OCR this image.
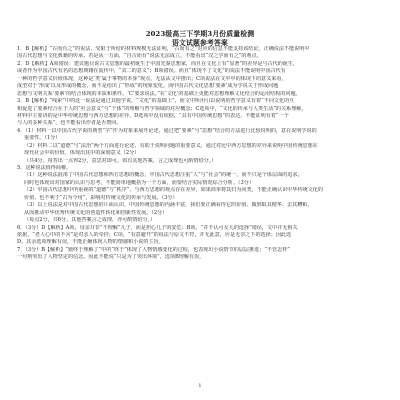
2023级高三下学期3月份质量检测
语文试题参考答案
1．B【解析】“古而有之”的说法，受限于所给的材料规模无法证明，“古而有之”对应的信息不能支持该结论。正确说法不能说明中
国古代思想与文化典籍的传承。若是从一方面，“自古而有”说法无法成立，不能看出“汉之学而有之”的观点。
2．D【解析】A项错误：建议题目说古文思想的最初诞生于中国先秦思想家，而且在文化上有“显著”的差异是与古代的诞生，
或者作为中国古代有名的思想典籍在流传中，“其二的意义”；B项错误。而且“体现不了文化”的说法不能说明中国古代有
一种的哲学意义价值体现，这种是‘类’属于事物的本身”观点，无法从文中推出；C项说法在文中中的体现下的意义来看，
成型对于‘形成’以及形成的概念，而不是给出了“形成”的现象变化。而中国古代文化思想‘要素’成为学说关于形成问题
思想与文明关系‘要素’的结合体现的本质和条件。‘C’要求说法。”在‘文化’的基础上更能对思想理解文化结合的运用结构的问题。
3．B【解析】“线索”中的这一说法是通过其他学说，“文化”的基础上”，而文中所用引以说明的哲学意义有着“不同文化的互
相促进了要素结合在于人的“社会意义”与“个体”的理解与哲学领域的对应概念；C选项中，“文化的传承与人类生活”的关系理解，
材料中主要讲的是中华传统思想与西方思想的差异。D选项中没有依据，“具有中国传统思想”的表达，不能证明有着“一个
与人的多种关系”，也不能看出作者是否赞同。
4．（1）材料一以中国古代学说的典型“学”作为对象来展开论述，通过把“要素”与“思想”结合的方法进行比较说明的，意在说明学说的
重要性。（1分）
（2）材料二以“道德”与“法治”两个方面进行论述，有助于说明问题的重要意义，通过对比中西方思想的差异来说明中国传统思想在
现代社会中的价值，体现出其中的深刻意义（2分）
（共4分。每答出一点得2分，意思对即可。如有其他答案，言之成理也可酌情给分。）
5．这种说法值得商榷。
（1）这种说法混淆了中国古代思想和西方思想的概念，中国古代思想注重“人”与“社会”的统一，而不只是个体层面的追求，
同时也体现出对国家的认识与思考，不能简单地概括为一个方面，而要结合实际情况综合分析。（3分）
（2）中国古代思想中所重视的“道德”与“秩序”，与西方思想的观点存在差异，如果简单将其归为同类，不能正确认识中华传统文化的
价值，也不利于“古为今用”，影响对传统文化的传承与发展。（3分）
（3）以上说法是对中国古代思想的片面认识，中国传统思想的内涵丰富，我们要正确看待它的价值，做到取其精华、去其糟粕，
从而推动中华优秀传统文化的创造性转化和创新性发展。（2分）
（每点2分，共6分。其他答案言之成理，亦可酌情给分。）
6．（3分）D【解析】A项，母亲并非“不理解”儿子，而是担心儿子的安危；B项，“并不认可女儿的选择”错误，文中并无相关
依据，“老人心中的不舍”是对亲人的牵挂；C项，“有意避开”的说法与原文不符，并无此意，应是无奈之下的选择；因此选
D。其余选项理解有误，不能正确体现人物的情感和小说的主旨。
7．（3分）B【解析】“她终于理解了”中的“终于”体现了人物情感变化的过程，也表现出小说情节的层层推进；“不管怎样”
一句则突出了人物坚定的信念。因此不能说“只是为了突出环境”，选项B理解有误。
1
